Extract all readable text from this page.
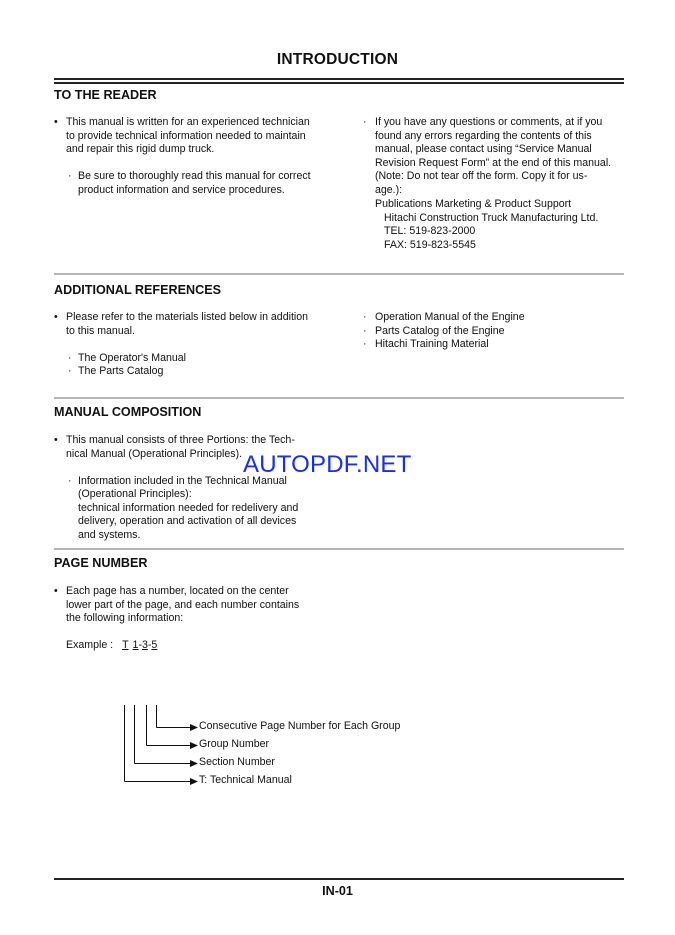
INTRODUCTION
TO THE READER
• This manual is written for an experienced technician
to provide technical information needed to maintain
and repair this rigid dump truck.
· Be sure to thoroughly read this manual for correct
product information and service procedures.
· If you have any questions or comments, at if you
found any errors regarding the contents of this
manual, please contact using “Service Manual
Revision Request Form” at the end of this manual.
(Note: Do not tear off the form. Copy it for us-
age.):
Publications Marketing & Product Support
Hitachi Construction Truck Manufacturing Ltd.
TEL: 519-823-2000
FAX: 519-823-5545
ADDITIONAL REFERENCES
• Please refer to the materials listed below in addition
to this manual.
· The Operator's Manual
· The Parts Catalog
· Operation Manual of the Engine
· Parts Catalog of the Engine
· Hitachi Training Material
MANUAL COMPOSITION
• This manual consists of three Portions: the Tech-
nical Manual (Operational Principles).
· Information included in the Technical Manual
(Operational Principles):
technical information needed for redelivery and
delivery, operation and activation of all devices
and systems.
PAGE NUMBER
• Each page has a number, located on the center
lower part of the page, and each number contains
the following information:
Example : T 1-3-5
Consecutive Page Number for Each Group
Group Number
Section Number
T: Technical Manual
AUTOPDF.NET
IN-01
